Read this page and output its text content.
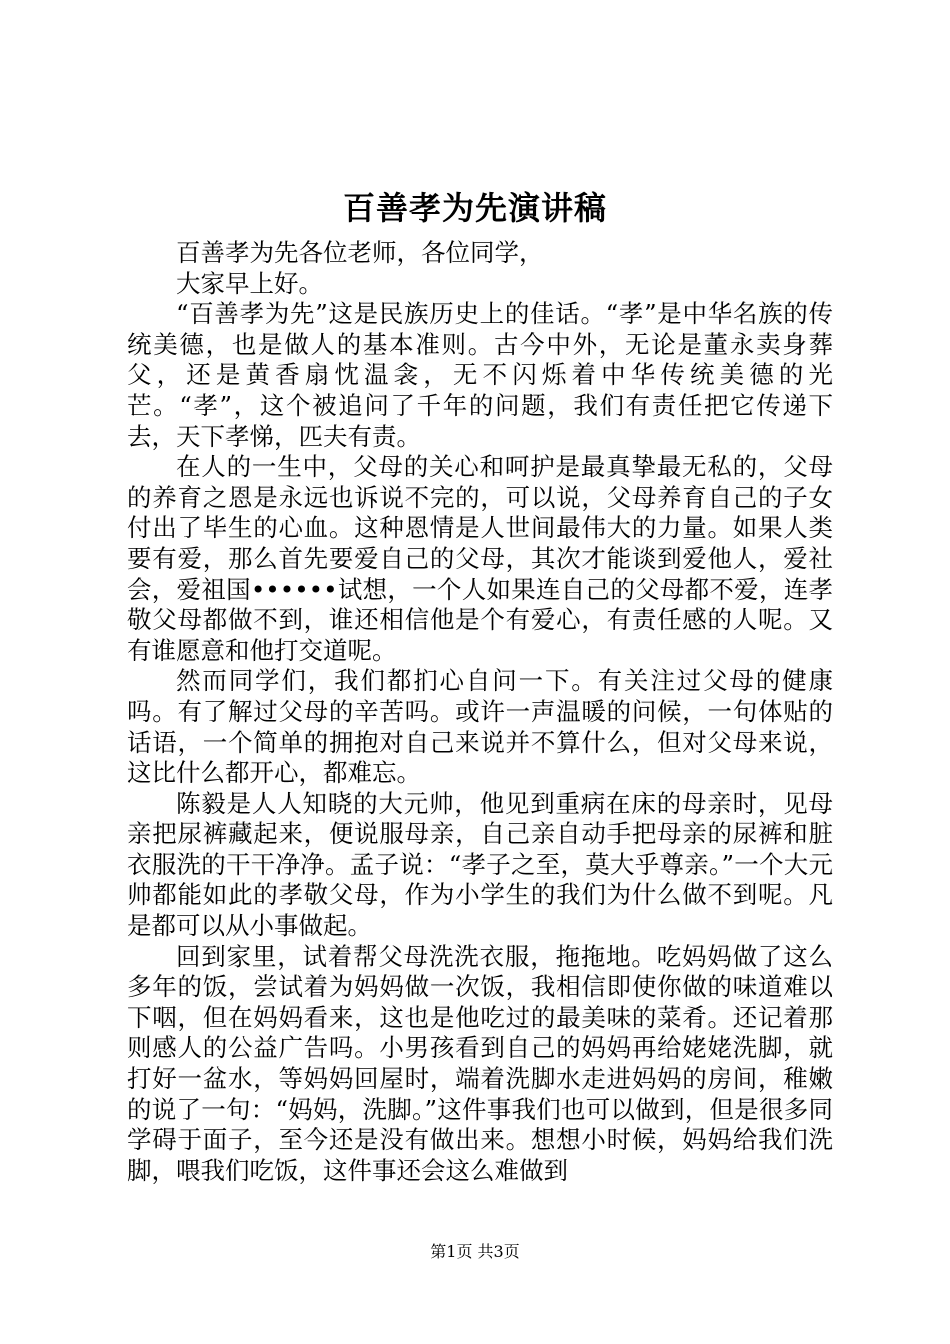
百善孝为先演讲稿

百善孝为先各位老师，各位同学，

大家早上好。

“百善孝为先”这是民族历史上的佳话。“孝”是中华名族的传统美德，也是做人的基本准则。古今中外，无论是董永卖身葬父，还是黄香扇忱温衾，无不闪烁着中华传统美德的光芒。“孝”，这个被追问了千年的问题，我们有责任把它传递下去，天下孝悌，匹夫有责。

在人的一生中，父母的关心和呵护是最真挚最无私的，父母的养育之恩是永远也诉说不完的，可以说，父母养育自己的子女付出了毕生的心血。这种恩情是人世间最伟大的力量。如果人类要有爱，那么首先要爱自己的父母，其次才能谈到爱他人，爱社会，爱祖国••••••试想，一个人如果连自己的父母都不爱，连孝敬父母都做不到，谁还相信他是个有爱心，有责任感的人呢。又有谁愿意和他打交道呢。

然而同学们，我们都扪心自问一下。有关注过父母的健康吗。有了解过父母的辛苦吗。或许一声温暖的问候，一句体贴的话语，一个简单的拥抱对自己来说并不算什么，但对父母来说，这比什么都开心，都难忘。

陈毅是人人知晓的大元帅，他见到重病在床的母亲时，见母亲把尿裤藏起来，便说服母亲，自己亲自动手把母亲的尿裤和脏衣服洗的干干净净。孟子说：“孝子之至，莫大乎尊亲。”一个大元帅都能如此的孝敬父母，作为小学生的我们为什么做不到呢。凡是都可以从小事做起。

回到家里，试着帮父母洗洗衣服，拖拖地。吃妈妈做了这么多年的饭，尝试着为妈妈做一次饭，我相信即使你做的味道难以下咽，但在妈妈看来，这也是他吃过的最美味的菜肴。还记着那则感人的公益广告吗。小男孩看到自己的妈妈再给姥姥洗脚，就打好一盆水，等妈妈回屋时，端着洗脚水走进妈妈的房间，稚嫩的说了一句：“妈妈，洗脚。”这件事我们也可以做到，但是很多同学碍于面子，至今还是没有做出来。想想小时候，妈妈给我们洗脚，喂我们吃饭，这件事还会这么难做到

第1页 共3页
